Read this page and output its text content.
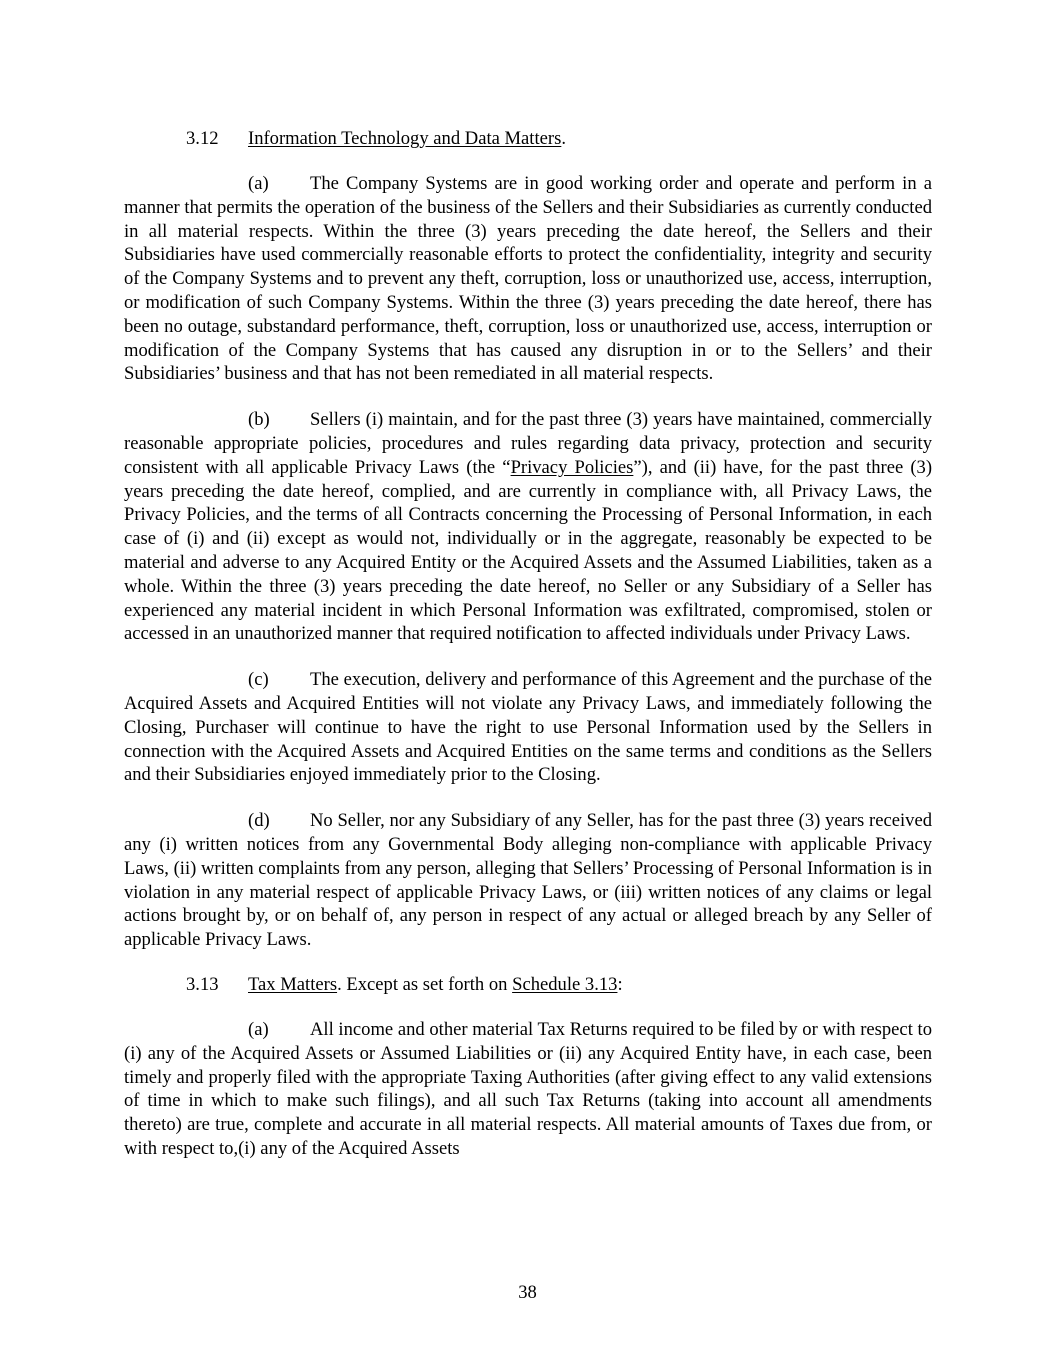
3.12 Information Technology and Data Matters.

(a) The Company Systems are in good working order and operate and perform in a manner that permits the operation of the business of the Sellers and their Subsidiaries as currently conducted in all material respects. Within the three (3) years preceding the date hereof, the Sellers and their Subsidiaries have used commercially reasonable efforts to protect the confidentiality, integrity and security of the Company Systems and to prevent any theft, corruption, loss or unauthorized use, access, interruption, or modification of such Company Systems. Within the three (3) years preceding the date hereof, there has been no outage, substandard performance, theft, corruption, loss or unauthorized use, access, interruption or modification of the Company Systems that has caused any disruption in or to the Sellers’ and their Subsidiaries’ business and that has not been remediated in all material respects.

(b) Sellers (i) maintain, and for the past three (3) years have maintained, commercially reasonable appropriate policies, procedures and rules regarding data privacy, protection and security consistent with all applicable Privacy Laws (the “Privacy Policies”), and (ii) have, for the past three (3) years preceding the date hereof, complied, and are currently in compliance with, all Privacy Laws, the Privacy Policies, and the terms of all Contracts concerning the Processing of Personal Information, in each case of (i) and (ii) except as would not, individually or in the aggregate, reasonably be expected to be material and adverse to any Acquired Entity or the Acquired Assets and the Assumed Liabilities, taken as a whole. Within the three (3) years preceding the date hereof, no Seller or any Subsidiary of a Seller has experienced any material incident in which Personal Information was exfiltrated, compromised, stolen or accessed in an unauthorized manner that required notification to affected individuals under Privacy Laws.

(c) The execution, delivery and performance of this Agreement and the purchase of the Acquired Assets and Acquired Entities will not violate any Privacy Laws, and immediately following the Closing, Purchaser will continue to have the right to use Personal Information used by the Sellers in connection with the Acquired Assets and Acquired Entities on the same terms and conditions as the Sellers and their Subsidiaries enjoyed immediately prior to the Closing.

(d) No Seller, nor any Subsidiary of any Seller, has for the past three (3) years received any (i) written notices from any Governmental Body alleging non-compliance with applicable Privacy Laws, (ii) written complaints from any person, alleging that Sellers’ Processing of Personal Information is in violation in any material respect of applicable Privacy Laws, or (iii) written notices of any claims or legal actions brought by, or on behalf of, any person in respect of any actual or alleged breach by any Seller of applicable Privacy Laws.

3.13 Tax Matters. Except as set forth on Schedule 3.13:

(a) All income and other material Tax Returns required to be filed by or with respect to (i) any of the Acquired Assets or Assumed Liabilities or (ii) any Acquired Entity have, in each case, been timely and properly filed with the appropriate Taxing Authorities (after giving effect to any valid extensions of time in which to make such filings), and all such Tax Returns (taking into account all amendments thereto) are true, complete and accurate in all material respects. All material amounts of Taxes due from, or with respect to,(i) any of the Acquired Assets

38
